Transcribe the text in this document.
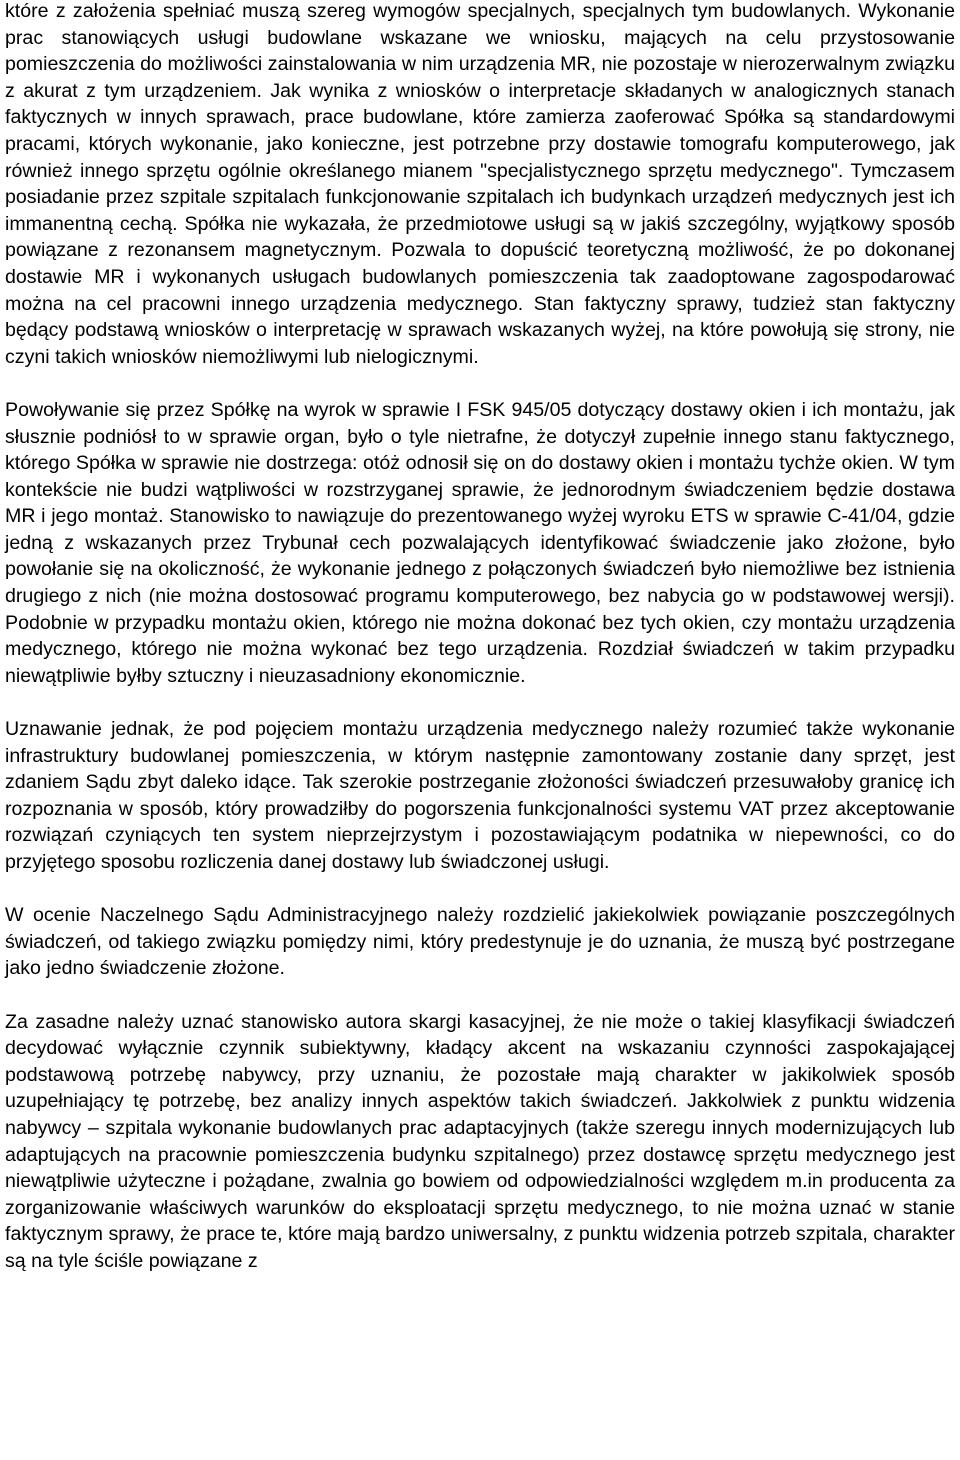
które z założenia spełniać muszą szereg wymogów specjalnych, specjalnych tym budowlanych. Wykonanie prac stanowiących usługi budowlane wskazane we wniosku, mających na celu przystosowanie pomieszczenia do możliwości zainstalowania w nim urządzenia MR, nie pozostaje w nierozerwalnym związku z akurat z tym urządzeniem. Jak wynika z wniosków o interpretacje składanych w analogicznych stanach faktycznych w innych sprawach, prace budowlane, które zamierza zaoferować Spółka są standardowymi pracami, których wykonanie, jako konieczne, jest potrzebne przy dostawie tomografu komputerowego, jak również innego sprzętu ogólnie określanego mianem "specjalistycznego sprzętu medycznego". Tymczasem posiadanie przez szpitale szpitalach funkcjonowanie szpitalach ich budynkach urządzeń medycznych jest ich immanentną cechą. Spółka nie wykazała, że przedmiotowe usługi są w jakiś szczególny, wyjątkowy sposób powiązane z rezonansem magnetycznym. Pozwala to dopuścić teoretyczną możliwość, że po dokonanej dostawie MR i wykonanych usługach budowlanych pomieszczenia tak zaadoptowane zagospodarować można na cel pracowni innego urządzenia medycznego. Stan faktyczny sprawy, tudzież stan faktyczny będący podstawą wniosków o interpretację w sprawach wskazanych wyżej, na które powołują się strony, nie czyni takich wniosków niemożliwymi lub nielogicznymi.

Powoływanie się przez Spółkę na wyrok w sprawie I FSK 945/05 dotyczący dostawy okien i ich montażu, jak słusznie podniósł to w sprawie organ, było o tyle nietrafne, że dotyczył zupełnie innego stanu faktycznego, którego Spółka w sprawie nie dostrzega: otóż odnosił się on do dostawy okien i montażu tychże okien. W tym kontekście nie budzi wątpliwości w rozstrzyganej sprawie, że jednorodnym świadczeniem będzie dostawa MR i jego montaż. Stanowisko to nawiązuje do prezentowanego wyżej wyroku ETS w sprawie C-41/04, gdzie jedną z wskazanych przez Trybunał cech pozwalających identyfikować świadczenie jako złożone, było powołanie się na okoliczność, że wykonanie jednego z połączonych świadczeń było niemożliwe bez istnienia drugiego z nich (nie można dostosować programu komputerowego, bez nabycia go w podstawowej wersji). Podobnie w przypadku montażu okien, którego nie można dokonać bez tych okien, czy montażu urządzenia medycznego, którego nie można wykonać bez tego urządzenia. Rozdział świadczeń w takim przypadku niewątpliwie byłby sztuczny i nieuzasadniony ekonomicznie.

Uznawanie jednak, że pod pojęciem montażu urządzenia medycznego należy rozumieć także wykonanie infrastruktury budowlanej pomieszczenia, w którym następnie zamontowany zostanie dany sprzęt, jest zdaniem Sądu zbyt daleko idące. Tak szerokie postrzeganie złożoności świadczeń przesuwałoby granicę ich rozpoznania w sposób, który prowadziłby do pogorszenia funkcjonalności systemu VAT przez akceptowanie rozwiązań czyniących ten system nieprzejrzystym i pozostawiającym podatnika w niepewności, co do przyjętego sposobu rozliczenia danej dostawy lub świadczonej usługi.

W ocenie Naczelnego Sądu Administracyjnego należy rozdzielić jakiekolwiek powiązanie poszczególnych świadczeń, od takiego związku pomiędzy nimi, który predestynuje je do uznania, że muszą być postrzegane jako jedno świadczenie złożone.

Za zasadne należy uznać stanowisko autora skargi kasacyjnej, że nie może o takiej klasyfikacji świadczeń decydować wyłącznie czynnik subiektywny, kładący akcent na wskazaniu czynności zaspokajającej podstawową potrzebę nabywcy, przy uznaniu, że pozostałe mają charakter w jakikolwiek sposób uzupełniający tę potrzebę, bez analizy innych aspektów takich świadczeń. Jakkolwiek z punktu widzenia nabywcy – szpitala wykonanie budowlanych prac adaptacyjnych (także szeregu innych modernizujących lub adaptujących na pracownie pomieszczenia budynku szpitalnego) przez dostawcę sprzętu medycznego jest niewątpliwie użyteczne i pożądane, zwalnia go bowiem od odpowiedzialności względem m.in producenta za zorganizowanie właściwych warunków do eksploatacji sprzętu medycznego, to nie można uznać w stanie faktycznym sprawy, że prace te, które mają bardzo uniwersalny, z punktu widzenia potrzeb szpitala, charakter są na tyle ściśle powiązane z
